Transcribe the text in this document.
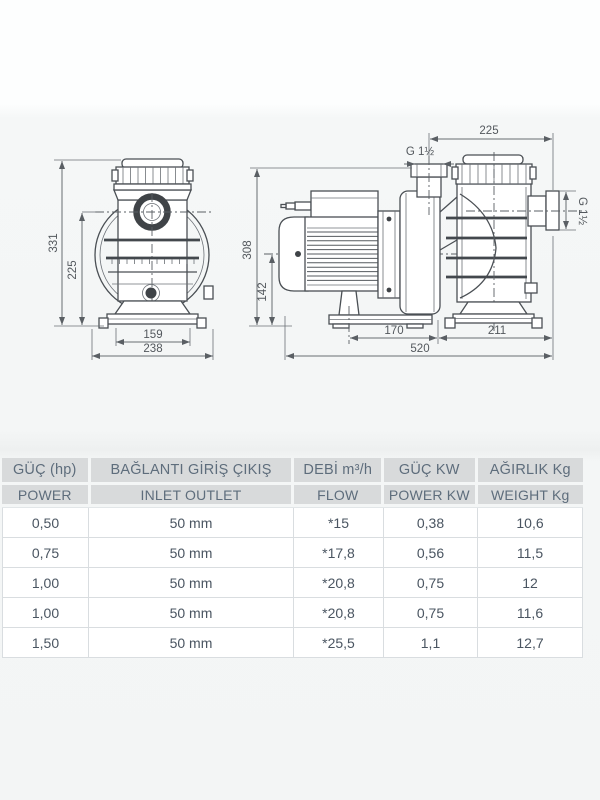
331
225
159
238
308
142
225
G 1½
G 1½
170	211
520
GÜÇ (hp)	BAĞLANTI GİRİŞ ÇIKIŞ	DEBİ m³/h	GÜÇ KW	AĞIRLIK Kg
POWER	INLET OUTLET	FLOW	POWER KW	WEIGHT Kg
0,50	50 mm	*15	0,38	10,6
0,75	50 mm	*17,8	0,56	11,5
1,00	50 mm	*20,8	0,75	12
1,00	50 mm	*20,8	0,75	11,6
1,50	50 mm	*25,5	1,1	12,7
